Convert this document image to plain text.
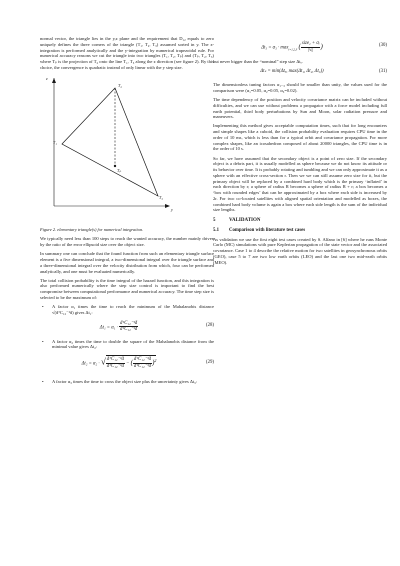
normal vector, the triangle lies in the y,z plane and the requirement that D₁₂ equals to zero uniquely defines the three corners of the triangle (T₁, T₂, T₃) assumed sorted in y. The z-integration is performed analytically and the y-integration by numerical trapezoidal rule. For numerical accuracy reasons we cut the triangle into two triangles (T₁, T₂, Tₚ) and (Tₚ, T₂, T₃) where Tₚ is the projection of T₂ onto the line T₁, T₃ along the z direction (see figure 2). By this choice, the convergence is quadratic instead of only linear with the y step size.

T₂
T₁
Tₚ
T₃
z
y
Figure 2. elementary triangle(s) for numerical integration.

We typically need less than 100 steps to reach the wanted accuracy, the number mainly driven by the ratio of the error ellipsoid size over the object size.

In summary one can conclude that the found function from such an elementary triangle surface element is a five dimensional integral, a two-dimensional integral over the triangle surface and a three-dimensional integral over the velocity distribution from which, four can be performed analytically, and one must be evaluated numerically.

The total collision probability is the time integral of the hazard function, and this integration is also performed numerically where the step size control is important to find the best compromise between computational performance and numerical accuracy. The time step size is selected to be the maximum of:

• A factor α₁ times the time to reach the minimum of the Mahalanobis distance √(ḋᵀC₁₂⁻¹ḋ) gives Δt₁:
$\Delta t_1 = \alpha_1 \cdot \frac{\text{ḋᵀC₁₂⁻¹ḋ}}{\text{ḋᵀC₁₂⁻¹ḋ}}$	(28)
• A factor α₂ times the time to double the square of the Mahalanobis distance from the minimal value gives Δt₂:
Δt₂ = α₂ · √ $\frac{\text{ḋᵀC₁₂⁻¹ḋ}}{\text{ḋᵀC₁₂⁻¹ḋ}}$ − ( $\frac{\text{ḋᵀC₁₂⁻¹ḋ}}{\text{ḋᵀC₁₂⁻¹ḋ}} )^2$	(29)
• A factor α₃ times the time to cross the object size plus the uncertainty gives Δt₃:
$\Delta t_3 = \alpha_3 \cdot \max_{i=1,2,3}$ ( $\frac{\text{size₁ + σᵢ}}{\text{|vᵢ|}}$ )	(30)

but never bigger than the “nominal” step size Δtₒ.

Δtₛ = min(Δtₒ, max(Δt₁, Δt₂, Δt₃))	(31)

The dimensionless tuning factors α₁..₃ should be smaller than unity, the values used for the comparison were (α₁=0.05, α₂=0.05, α₃=0.02).

The time dependency of the position and velocity covariance matrix can be included without difficulties, and we can use without problems a propagator with a force model including full earth potential, third body perturbations by Sun and Moon, solar radiation pressure and maneuvers.

Implementing this method gives acceptable computation times, such that for long encounters and simple shapes like a cuboid, the collision probability evaluation requires CPU time in the order of 10 ms, which is less than for a typical orbit and covariance propagation. For more complex shapes, like an icosahedron composed of about 20000 triangles, the CPU time is in the order of 10 s.

So far, we have assumed that the secondary object is a point of zero size. If the secondary object is a debris part, it is usually modelled as sphere because we do not know its attitude or its behavior over time. It is probably rotating and tumbling and we can only approximate it as a sphere with an effective cross-section r. Then we we can still assume zero size for it, but the primary object will be replaced by a combined hard body which is the primary ‘inflated’ in each direction by r; a sphere of radius R becomes a sphere of radius R + r; a box becomes a ‘box with rounded edges’ that can be approximated by a box where each side is increased by 2r. For two co-located satellites with aligned spatial orientation and modelled as boxes, the combined hard body volume is again a box where each side length is the sum of the individual size lengths.

5	VALIDATION
5.1 Comparison with literature test cases

As validation we use the first eight test cases created by S. Alfano in [6] where he runs Monte Carlo (MC) simulations with pure Keplerian propagation of the state vector and the associated covariance. Case 1 to 4 describe the relative motion for two satellites in geosynchronous orbits (GEO), case 5 to 7 are two low earth orbits (LEO) and the last one two mid-earth orbits (MEO).
